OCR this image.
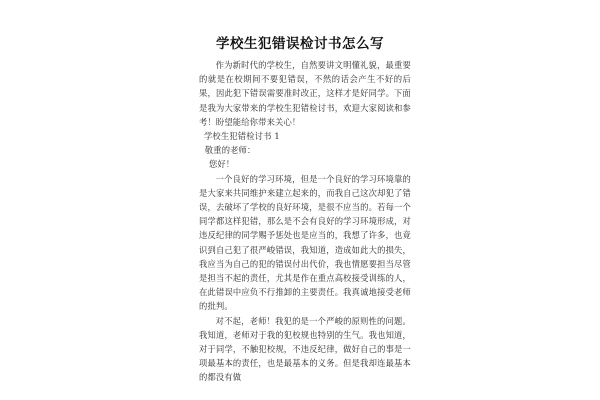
学校生犯错误检讨书怎么写

作为新时代的学校生，自然要讲文明懂礼貌，最重要的就是在校期间不要犯错误，不然的话会产生不好的后果，因此犯下错误需要准时改正，这样才是好同学。下面是我为大家带来的学校生犯错检讨书，欢迎大家阅读和参考！盼望能给你带来关心！

学校生犯错检讨书 1

敬重的老师：

您好！

一个良好的学习环境，但是一个良好的学习环境靠的是大家来共同维护来建立起来的，而我自己这次却犯了错误，去破坏了学校的良好环境，是很不应当的。若每一个同学都这样犯错，那么是不会有良好的学习环境形成，对违反纪律的同学赐予惩处也是应当的，我想了许多，也竟识到自己犯了很严峻错误，我知道，造成如此大的损失，我应当为自己的犯的错误付出代价，我也情愿要担当尽管是担当不起的责任，尤其是作在重点高校接受训练的人，在此错误中应负不行推卸的主要责任。我真诚地接受老师的批判。

对不起，老师！我犯的是一个严峻的原则性的问题。我知道，老师对于我的犯校规也特别的生气。我也知道，对于同学，不触犯校规，不违反纪律，做好自己的事是一项最基本的责任，也是最基本的义务。但是我却连最基本的都没有做
